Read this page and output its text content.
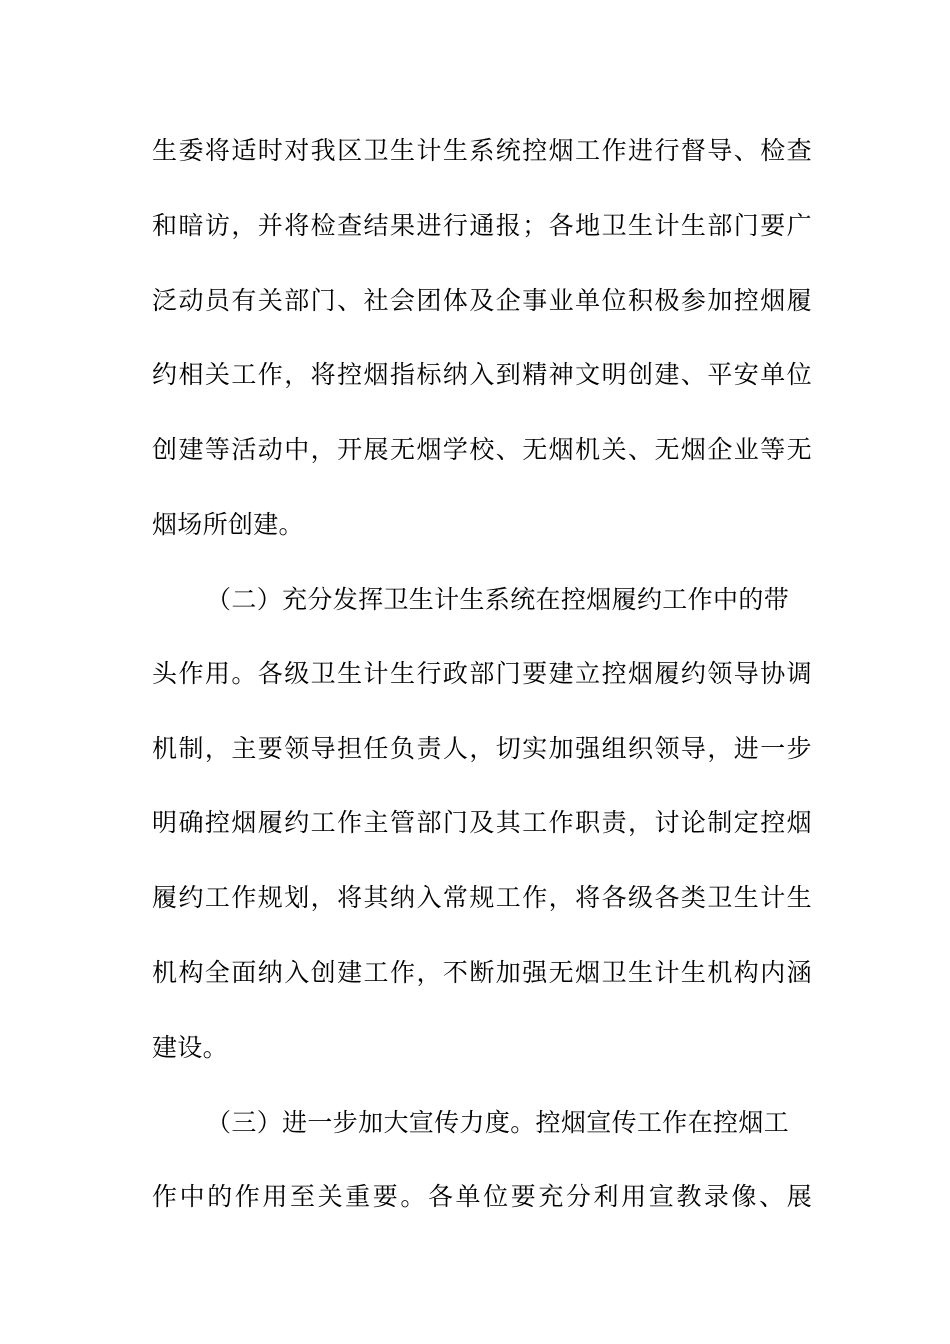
生委将适时对我区卫生计生系统控烟工作进行督导、检查
和暗访，并将检查结果进行通报；各地卫生计生部门要广
泛动员有关部门、社会团体及企事业单位积极参加控烟履
约相关工作，将控烟指标纳入到精神文明创建、平安单位
创建等活动中，开展无烟学校、无烟机关、无烟企业等无
烟场所创建。
（二）充分发挥卫生计生系统在控烟履约工作中的带
头作用。各级卫生计生行政部门要建立控烟履约领导协调
机制，主要领导担任负责人，切实加强组织领导，进一步
明确控烟履约工作主管部门及其工作职责，讨论制定控烟
履约工作规划，将其纳入常规工作，将各级各类卫生计生
机构全面纳入创建工作，不断加强无烟卫生计生机构内涵
建设。
（三）进一步加大宣传力度。控烟宣传工作在控烟工
作中的作用至关重要。各单位要充分利用宣教录像、展
